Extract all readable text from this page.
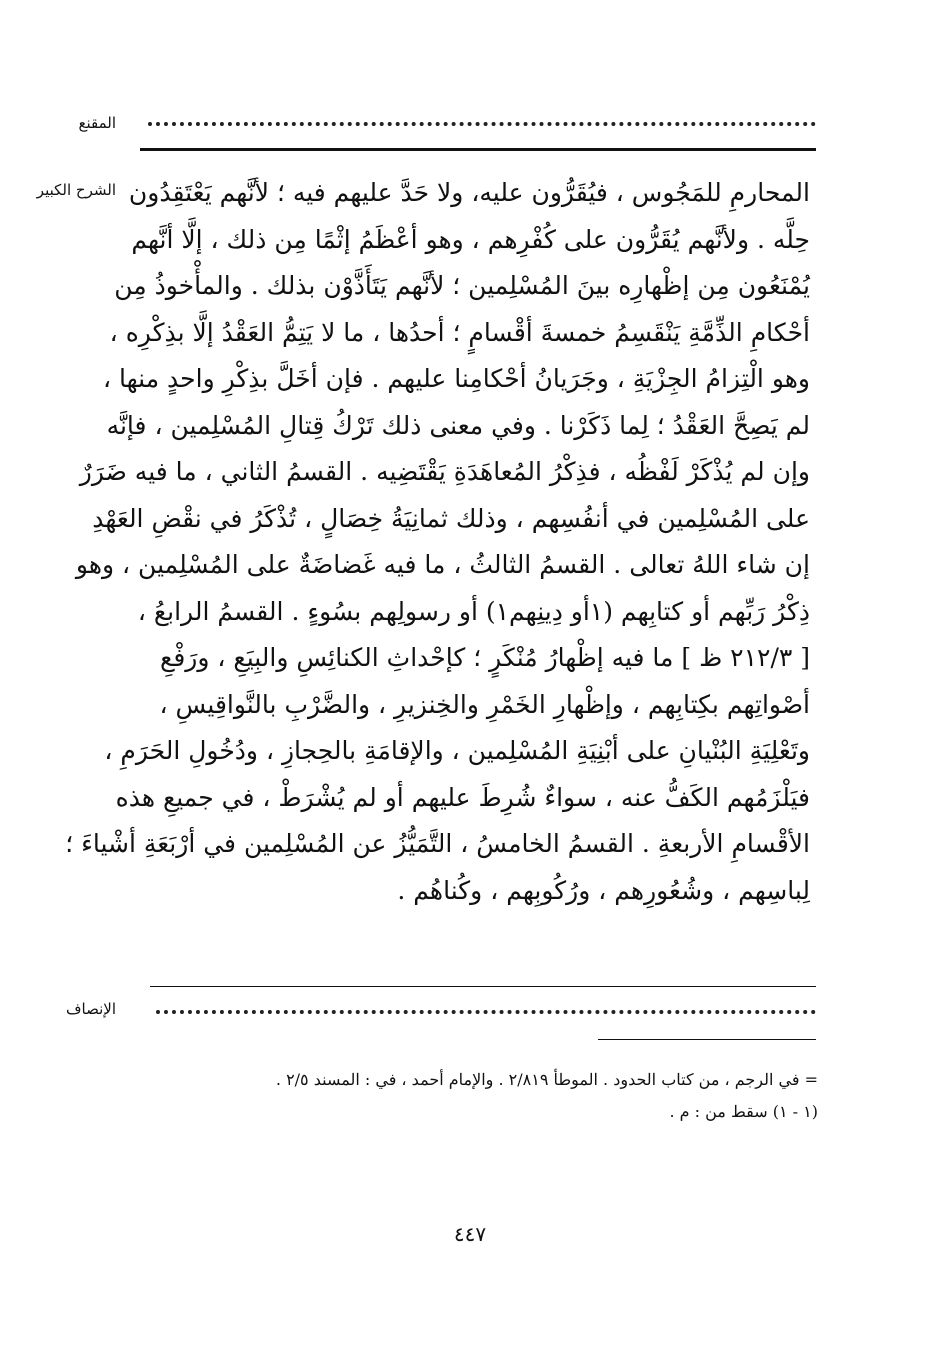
المقنع
الشرح الكبير المحارمِ للمَجُوس ، فيُقَرُّون عليه، ولا حَدَّ عليهم فيه ؛ لأنَّهم يَعْتَقِدُون
حِلَّه . ولأنَّهم يُقَرُّون على كُفْرِهم ، وهو أعْظَمُ إثْمًا مِن ذلك ، إلَّا أنَّهم
يُمْنَعُون مِن إظْهارِه بينَ المُسْلِمين ؛ لأنَّهم يَتَأَذَّوْن بذلك . والمأْخوذُ مِن
أحْكامِ الذِّمَّةِ يَنْقَسِمُ خمسةَ أقْسامٍ ؛ أحدُها ، ما لا يَتِمُّ العَقْدُ إلَّا بذِكْرِه ،
وهو الْتِزامُ الجِزْيَةِ ، وجَرَيانُ أحْكامِنا عليهم . فإن أخَلَّ بذِكْرِ واحدٍ منها ،
لم يَصِحَّ العَقْدُ ؛ لِما ذَكَرْنا . وفي معنى ذلك تَرْكُ قِتالِ المُسْلِمين ، فإنَّه
وإن لم يُذْكَرْ لَفْظُه ، فذِكْرُ المُعاهَدَةِ يَقْتَضِيه . القسمُ الثاني ، ما فيه ضَرَرٌ
على المُسْلِمين في أنفُسِهم ، وذلك ثمانِيَةُ خِصَالٍ ، تُذْكَرُ في نقْضِ العَهْدِ
إن شاء اللهُ تعالى . القسمُ الثالثُ ، ما فيه غَضاضَةٌ على المُسْلِمين ، وهو
ذِكْرُ رَبِّهم أو كتابِهم (١أو دِينِهم١) أو رسولِهم بسُوءٍ . القسمُ الرابعُ ،
[ ٢١٢/٣ ظ ] ما فيه إظْهارُ مُنْكَرٍ ؛ كإحْداثِ الكنائِسِ والبِيَعِ ، ورَفْعِ
أصْواتِهم بكِتابِهم ، وإظْهارِ الخَمْرِ والخِنزيرِ ، والضَّرْبِ بالنَّواقِيسِ ،
وتَعْلِيَةِ البُنْيانِ على أبْنِيَةِ المُسْلِمين ، والإقامَةِ بالحِجازِ ، ودُخُولِ الحَرَمِ ،
فيَلْزَمُهم الكَفُّ عنه ، سواءٌ شُرِطَ عليهم أو لم يُشْرَطْ ، في جميعِ هذه
الأقْسامِ الأربعةِ . القسمُ الخامسُ ، التَّمَيُّزُ عن المُسْلِمين في أرْبَعَةِ أشْياءَ ؛
لِباسِهم ، وشُعُورِهم ، ورُكُوبِهم ، وكُناهُم .
الإنصاف
= في الرجم ، من كتاب الحدود . الموطأ ٢/٨١٩ . والإمام أحمد ، في : المسند ٢/٥ .
(١ - ١) سقط من : م .
٤٤٧
